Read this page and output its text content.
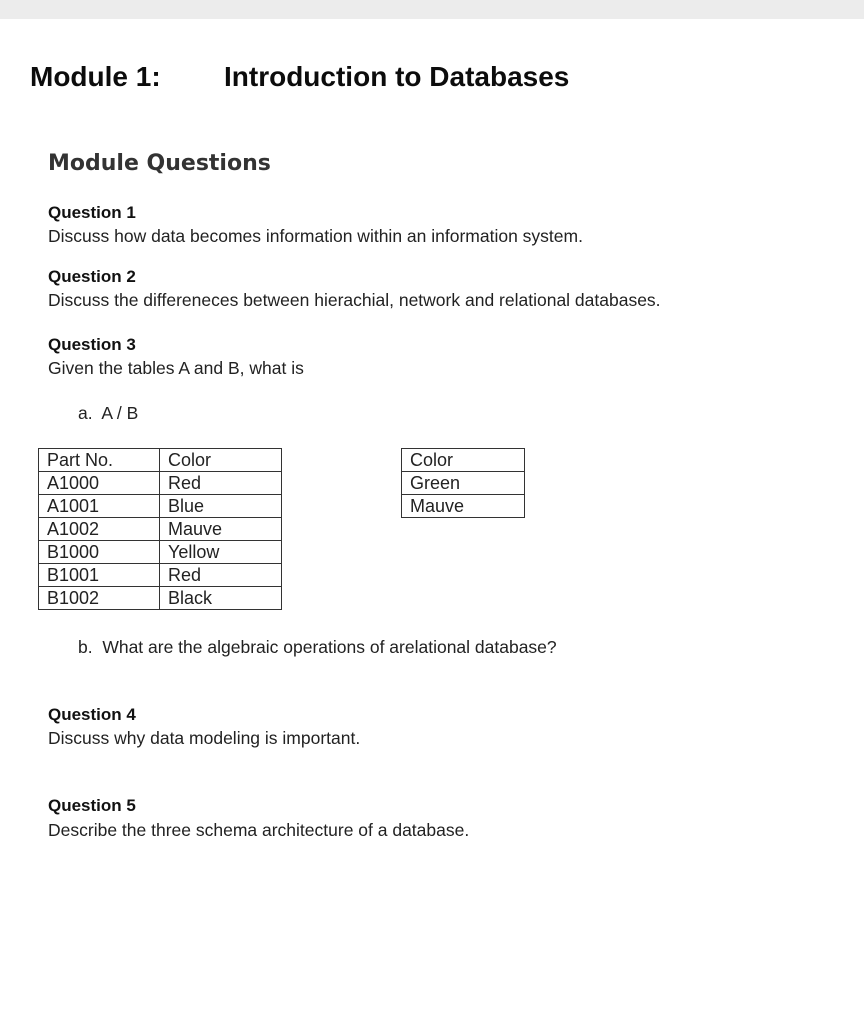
Module 1: Introduction to Databases
Module Questions
Question 1
Discuss how data becomes information within an information system.
Question 2
Discuss the differeneces between hierachial, network and relational databases.
Question 3
Given the tables A and B, what is
a.  A / B
Part No.	Color
A1000	Red
A1001	Blue
A1002	Mauve
B1000	Yellow
B1001	Red
B1002	Black
Color
Green
Mauve
b.  What are the algebraic operations of arelational database?
Question 4
Discuss why data modeling is important.
Question 5
Describe the three schema architecture of a database.
